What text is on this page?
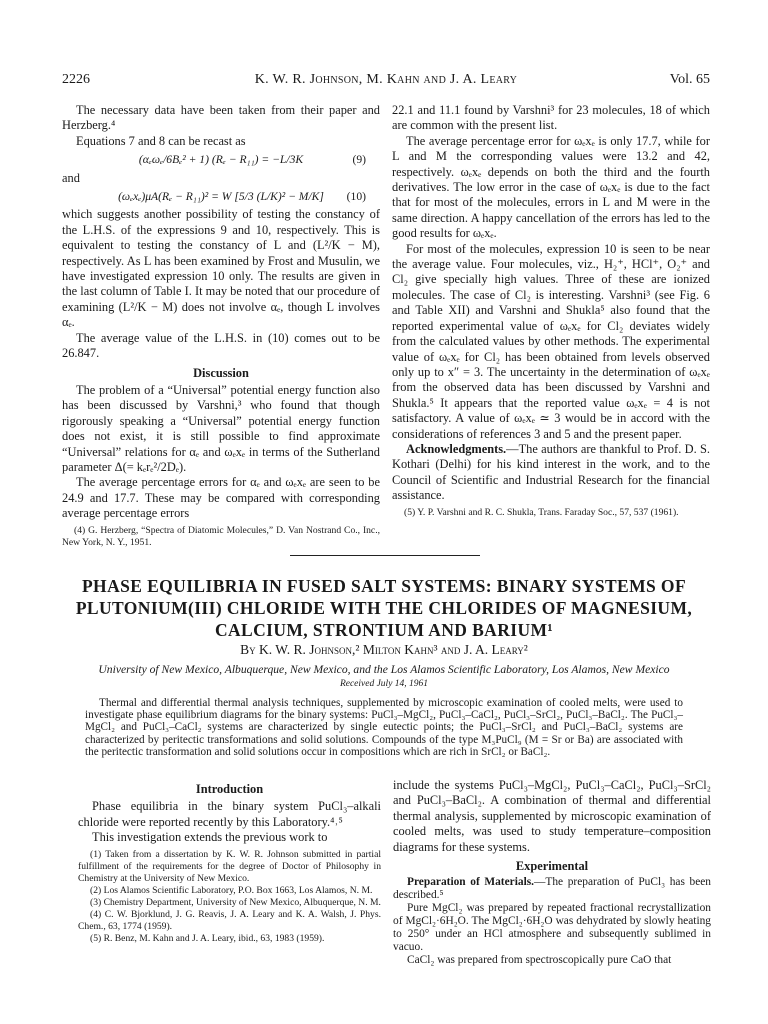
2226	K. W. R. Johnson, M. Kahn and J. A. Leary	Vol. 65

The necessary data have been taken from their paper and Herzberg.⁴

Equations 7 and 8 can be recast as

(αₑωₑ/6Bₑ² + 1) (Rₑ − R₁₁) = −L/3K	(9)

and

(ωₑxₑ)μA(Rₑ − R₁₁)² = W [5/3 (L/K)² − M/K] (10)

which suggests another possibility of testing the constancy of the L.H.S. of the expressions 9 and 10, respectively. This is equivalent to testing the constancy of L and (L²/K − M), respectively. As L has been examined by Frost and Musulin, we have investigated expression 10 only. The results are given in the last column of Table I. It may be noted that our procedure of examining (L²/K − M) does not involve αₑ, though L involves αₑ.

The average value of the L.H.S. in (10) comes out to be 26.847.

Discussion

The problem of a “Universal” potential energy function also has been discussed by Varshni,³ who found that though rigorously speaking a “Universal” potential energy function does not exist, it is still possible to find approximate “Universal” relations for αₑ and ωₑxₑ in terms of the Sutherland parameter Δ(= kₑrₑ²/2Dₑ).

The average percentage errors for αₑ and ωₑxₑ are seen to be 24.9 and 17.7. These may be compared with corresponding average percentage errors

(4) G. Herzberg, “Spectra of Diatomic Molecules,” D. Van Nostrand Co., Inc., New York, N. Y., 1951.

22.1 and 11.1 found by Varshni³ for 23 molecules, 18 of which are common with the present list.

The average percentage error for ωₑxₑ is only 17.7, while for L and M the corresponding values were 13.2 and 42, respectively. ωₑxₑ depends on both the third and the fourth derivatives. The low error in the case of ωₑxₑ is due to the fact that for most of the molecules, errors in L and M were in the same direction. A happy cancellation of the errors has led to the good results for ωₑxₑ.

For most of the molecules, expression 10 is seen to be near the average value. Four molecules, viz., H₂⁺, HCl⁺, O₂⁺ and Cl₂ give specially high values. Three of these are ionized molecules. The case of Cl₂ is interesting. Varshni³ (see Fig. 6 and Table XII) and Varshni and Shukla⁵ also found that the reported experimental value of ωₑxₑ for Cl₂ deviates widely from the calculated values by other methods. The experimental value of ωₑxₑ for Cl₂ has been obtained from levels observed only up to x″ = 3. The uncertainty in the determination of ωₑxₑ from the observed data has been discussed by Varshni and Shukla.⁵ It appears that the reported value ωₑxₑ = 4 is not satisfactory. A value of ωₑxₑ ≃ 3 would be in accord with the considerations of references 3 and 5 and the present paper.

Acknowledgments.—The authors are thankful to Prof. D. S. Kothari (Delhi) for his kind interest in the work, and to the Council of Scientific and Industrial Research for the financial assistance.

(5) Y. P. Varshni and R. C. Shukla, Trans. Faraday Soc., 57, 537 (1961).
PHASE EQUILIBRIA IN FUSED SALT SYSTEMS: BINARY SYSTEMS OF PLUTONIUM(III) CHLORIDE WITH THE CHLORIDES OF MAGNESIUM, CALCIUM, STRONTIUM AND BARIUM¹
By K. W. R. Johnson,² Milton Kahn³ and J. A. Leary²
University of New Mexico, Albuquerque, New Mexico, and the Los Alamos Scientific Laboratory, Los Alamos, New Mexico
Received July 14, 1961
Thermal and differential thermal analysis techniques, supplemented by microscopic examination of cooled melts, were used to investigate phase equilibrium diagrams for the binary systems: PuCl₃–MgCl₂, PuCl₃–CaCl₂, PuCl₃–SrCl₂, PuCl₃–BaCl₂. The PuCl₃–MgCl₂ and PuCl₃–CaCl₂ systems are characterized by single eutectic points; the PuCl₃–SrCl₂ and PuCl₃–BaCl₂ systems are characterized by peritectic transformations and solid solutions. Compounds of the type M₃PuCl₉ (M = Sr or Ba) are associated with the peritectic transformation and solid solutions occur in compositions which are rich in SrCl₂ or BaCl₂.
Introduction

Phase equilibria in the binary system PuCl₃–alkali chloride were reported recently by this Laboratory.⁴˒⁵

This investigation extends the previous work to

(1) Taken from a dissertation by K. W. R. Johnson submitted in partial fulfillment of the requirements for the degree of Doctor of Philosophy in Chemistry at the University of New Mexico.
(2) Los Alamos Scientific Laboratory, P.O. Box 1663, Los Alamos, N. M.
(3) Chemistry Department, University of New Mexico, Albuquerque, N. M.
(4) C. W. Bjorklund, J. G. Reavis, J. A. Leary and K. A. Walsh, J. Phys. Chem., 63, 1774 (1959).
(5) R. Benz, M. Kahn and J. A. Leary, ibid., 63, 1983 (1959).

include the systems PuCl₃–MgCl₂, PuCl₃–CaCl₂, PuCl₃–SrCl₂ and PuCl₃–BaCl₂. A combination of thermal and differential thermal analysis, supplemented by microscopic examination of cooled melts, was used to study temperature–composition diagrams for these systems.

Experimental

Preparation of Materials.—The preparation of PuCl₃ has been described.⁵

Pure MgCl₂ was prepared by repeated fractional recrystallization of MgCl₂·6H₂O. The MgCl₂·6H₂O was dehydrated by slowly heating to 250° under an HCl atmosphere and subsequently sublimed in vacuo.

CaCl₂ was prepared from spectroscopically pure CaO that
